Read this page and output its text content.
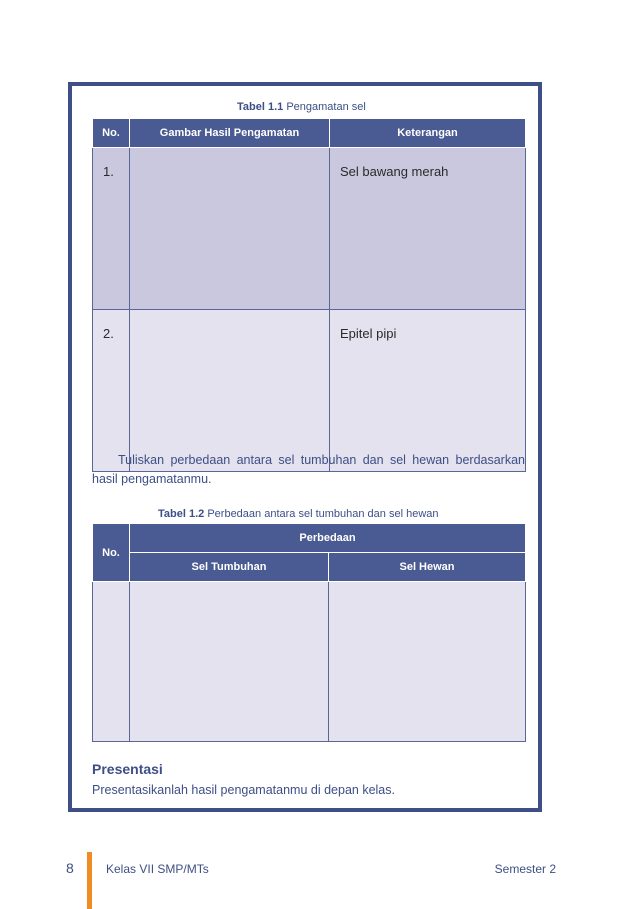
Tabel 1.1 Pengamatan sel
No.	Gambar Hasil Pengamatan	Keterangan
1.		Sel bawang merah
2.		Epitel pipi
Tuliskan perbedaan antara sel tumbuhan dan sel hewan berdasarkan hasil pengamatanmu.
Tabel 1.2 Perbedaan antara sel tumbuhan dan sel hewan
No.	Perbedaan	
	Sel Tumbuhan	Sel Hewan

Presentasi
Presentasikanlah hasil pengamatanmu di depan kelas.
8	Kelas VII SMP/MTs	Semester 2
